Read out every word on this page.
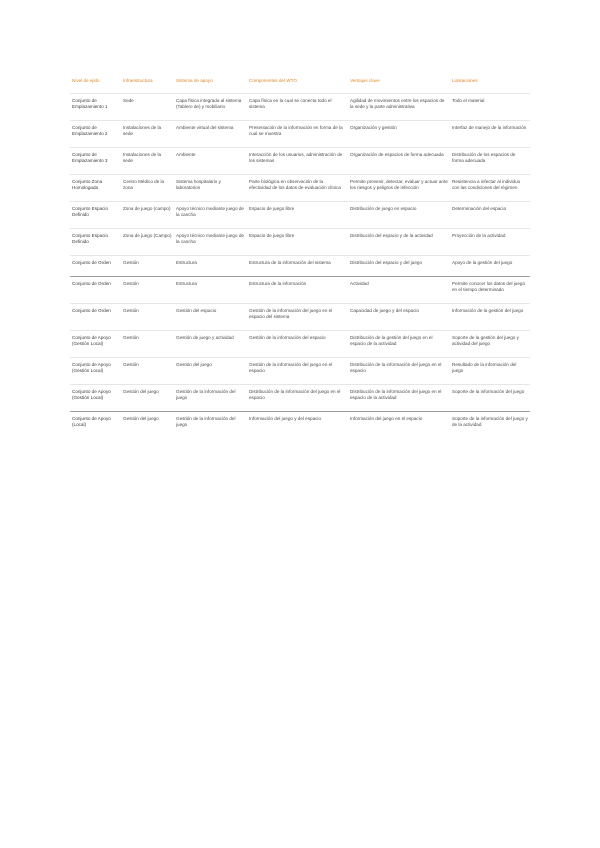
Nivel de ejido	Infraestructura	Sistema de apoyo	Componentes del WTO	Ventajas clave	Limitaciones
Conjunto de Emplazamiento 1	Sede	Capa física integrada al sistema (Tablero de) y mobiliario	Capa física en la cual se conecta todo el sistema	Agilidad de movimientos entre los espacios de la sede y la parte administrativa	Todo el material
Conjunto de Emplazamiento 2	Instalaciones de la sede	Ambiente virtual del sistema	Presentación de la información en forma de la cual se muestra	Organización y gestión	Interfaz de manejo de la información
Conjunto de Emplazamiento 3	Instalaciones de la sede	Ambiente	Interacción de los usuarios, administración de los sistemas	Organización de espacios de forma adecuada	Distribución de los espacios de forma adecuada
Conjunto Zona Homologada	Centro Médico de la zona	Sistema hospitalario y laboratorios	Parte biológica en observación de la efectividad de los datos de evaluación clínica	Permite prevenir, detectar, evaluar y actuar ante los riesgos y peligros de infección	Resistencia a infectar al individuo con las condiciones del régimen
Conjunto Espacio Definido	Zona de juego (campo)	Apoyo técnico mediante juego de la cancha	Espacio de juego libre	Distribución de juego en espacio	Determinación del espacio
Conjunto Espacio Definido	Zona de juego (Campo)	Apoyo técnico mediante juego de la cancha	Espacio de juego libre	Distribución del espacio y de la actividad	Proyección de la actividad
Conjunto de Orden	Gestión	Estructura	Estructura de la información del sistema	Distribución del espacio y del juego	Apoyo de la gestión del juego
Conjunto de Orden	Gestión	Estructura	Estructura de la información	Actividad	Permite conocer los datos del juego en el tiempo determinado
Conjunto de Orden	Gestión	Gestión del espacio	Gestión de la información del juego en el espacio del sistema	Capacidad de juego y del espacio	Información de la gestión del juego
Conjunto de Apoyo (Gestión Local)	Gestión	Gestión de juego y actividad	Gestión de la información del espacio	Distribución de la gestión del juego en el espacio de la actividad	Soporte de la gestión del juego y actividad del juego
Conjunto de Apoyo (Gestión Local)	Gestión	Gestión del juego	Gestión de la información del juego en el espacio	Distribución de la información del juego en el espacio	Resultado de la información del juego
Conjunto de Apoyo (Gestión Local)	Gestión del juego	Gestión de la información del juego	Distribución de la información del juego en el espacio	Distribución de la información del juego en el espacio de la actividad	Soporte de la información del juego
Conjunto de Apoyo (Local)	Gestión del juego	Gestión de la información del juego	Información del juego y del espacio	Información del juego en el espacio	Soporte de la información del juego y de la actividad
